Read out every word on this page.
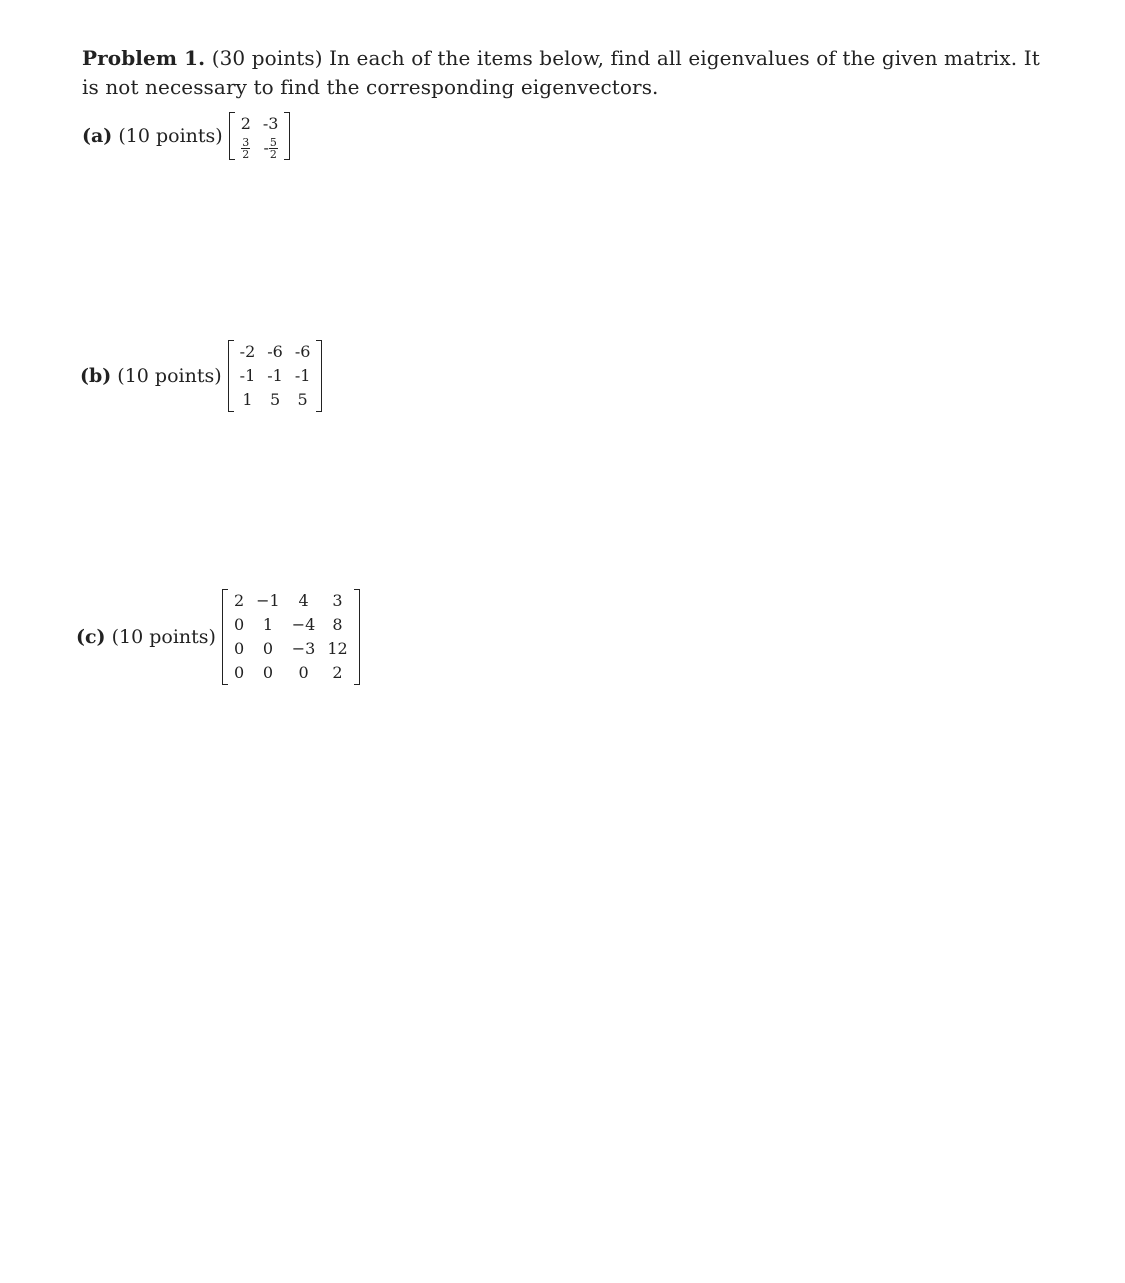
Problem 1. (30 points) In each of the items below, find all eigenvalues of the given matrix. It is not necessary to find the corresponding eigenvectors.
(a) (10 points)
2	-3

$\frac{3}{2}$	- $\frac{5}{2}$
(b) (10 points)
-2	-6	-6
-1	-1	-1
1	5	5
(c) (10 points)
2	−1	4	3
0	1	−4	8
0	0	−3	12
0	0	0	2
